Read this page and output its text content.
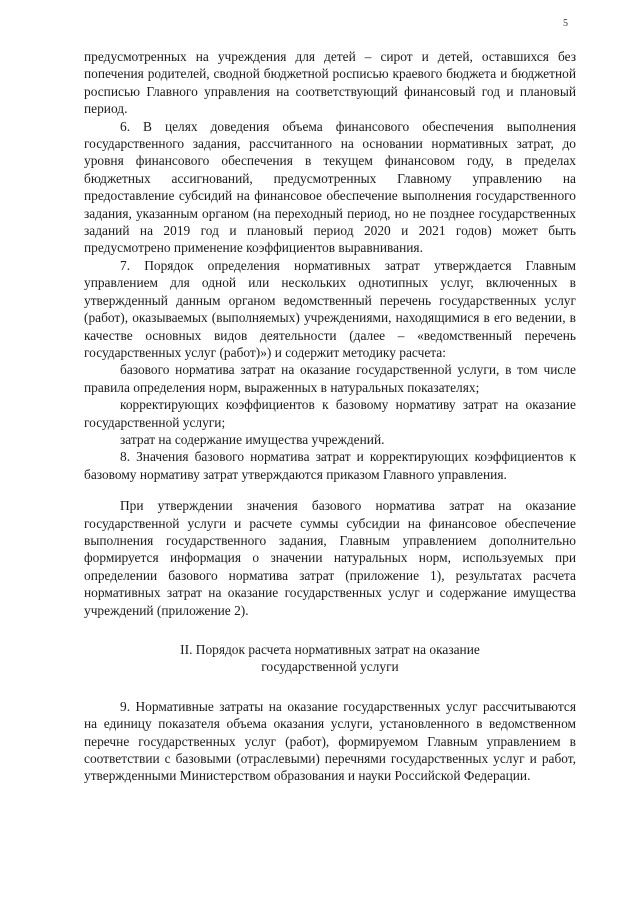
5

предусмотренных на учреждения для детей – сирот и детей, оставшихся без попечения родителей, сводной бюджетной росписью краевого бюджета и бюджетной росписью Главного управления на соответствующий финансовый год и плановый период.

6. В целях доведения объема финансового обеспечения выполнения государственного задания, рассчитанного на основании нормативных затрат, до уровня финансового обеспечения в текущем финансовом году, в пределах бюджетных ассигнований, предусмотренных Главному управлению на предоставление субсидий на финансовое обеспечение выполнения государственного задания, указанным органом (на переходный период, но не позднее государственных заданий на 2019 год и плановый период 2020 и 2021 годов) может быть предусмотрено применение коэффициентов выравнивания.

7. Порядок определения нормативных затрат утверждается Главным управлением для одной или нескольких однотипных услуг, включенных в утвержденный данным органом ведомственный перечень государственных услуг (работ), оказываемых (выполняемых) учреждениями, находящимися в его ведении, в качестве основных видов деятельности (далее – «ведомственный перечень государственных услуг (работ)») и содержит методику расчета:

базового норматива затрат на оказание государственной услуги, в том числе правила определения норм, выраженных в натуральных показателях;

корректирующих коэффициентов к базовому нормативу затрат на оказание государственной услуги;

затрат на содержание имущества учреждений.

8. Значения базового норматива затрат и корректирующих коэффициентов к базовому нормативу затрат утверждаются приказом Главного управления.

При утверждении значения базового норматива затрат на оказание государственной услуги и расчете суммы субсидии на финансовое обеспечение выполнения государственного задания, Главным управлением дополнительно формируется информация о значении натуральных норм, используемых при определении базового норматива затрат (приложение 1), результатах расчета нормативных затрат на оказание государственных услуг и содержание имущества учреждений (приложение 2).

II. Порядок расчета нормативных затрат на оказание
государственной услуги

9. Нормативные затраты на оказание государственных услуг рассчитываются на единицу показателя объема оказания услуги, установленного в ведомственном перечне государственных услуг (работ), формируемом Главным управлением в соответствии с базовыми (отраслевыми) перечнями государственных услуг и работ, утвержденными Министерством образования и науки Российской Федерации.
